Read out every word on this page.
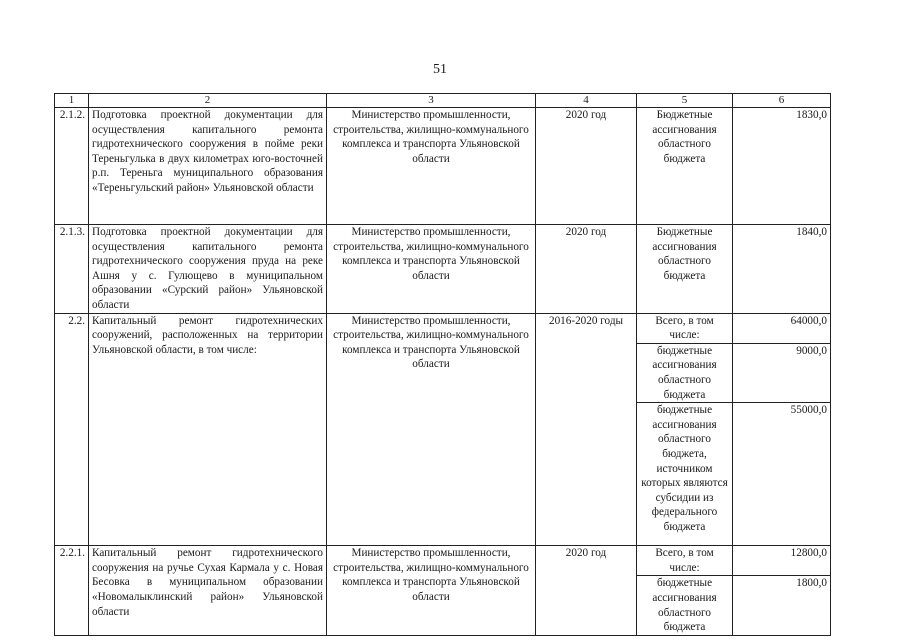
51
1	2	3	4	5	6
2.1.2.	Подготовка проектной документации для осуществления капитального ремонта гидротехнического сооружения в пойме реки Тереньгулька в двух километрах юго-восточней р.п. Тереньга муниципального образования «Тереньгульский район» Ульяновской области	Министерство промышленности, строительства, жилищно-коммунального комплекса и транспорта Ульяновской области	2020 год	Бюджетные ассигнования областного бюджета	1830,0
2.1.3.	Подготовка проектной документации для осуществления капитального ремонта гидротехнического сооружения пруда на реке Ашня у с. Гулющево в муниципальном образовании «Сурский район» Ульяновской области	Министерство промышленности, строительства, жилищно-коммунального комплекса и транспорта Ульяновской области	2020 год	Бюджетные ассигнования областного бюджета	1840,0
2.2.	Капитальный ремонт гидротехнических сооружений, расположенных на территории Ульяновской области, в том числе:	Министерство промышленности, строительства, жилищно-коммунального комплекса и транспорта Ульяновской области	2016-2020 годы	Всего, в том числе:	64000,0
				бюджетные ассигнования областного бюджета	9000,0
				бюджетные ассигнования областного бюджета, источником которых являются субсидии из федерального бюджета	55000,0
2.2.1.	Капитальный ремонт гидротехнического сооружения на ручье Сухая Кармала у с. Новая Бесовка в муниципальном образовании «Новомалыклинский район» Ульяновской области	Министерство промышленности, строительства, жилищно-коммунального комплекса и транспорта Ульяновской области	2020 год	Всего, в том числе:	12800,0
				бюджетные ассигнования областного бюджета	1800,0
